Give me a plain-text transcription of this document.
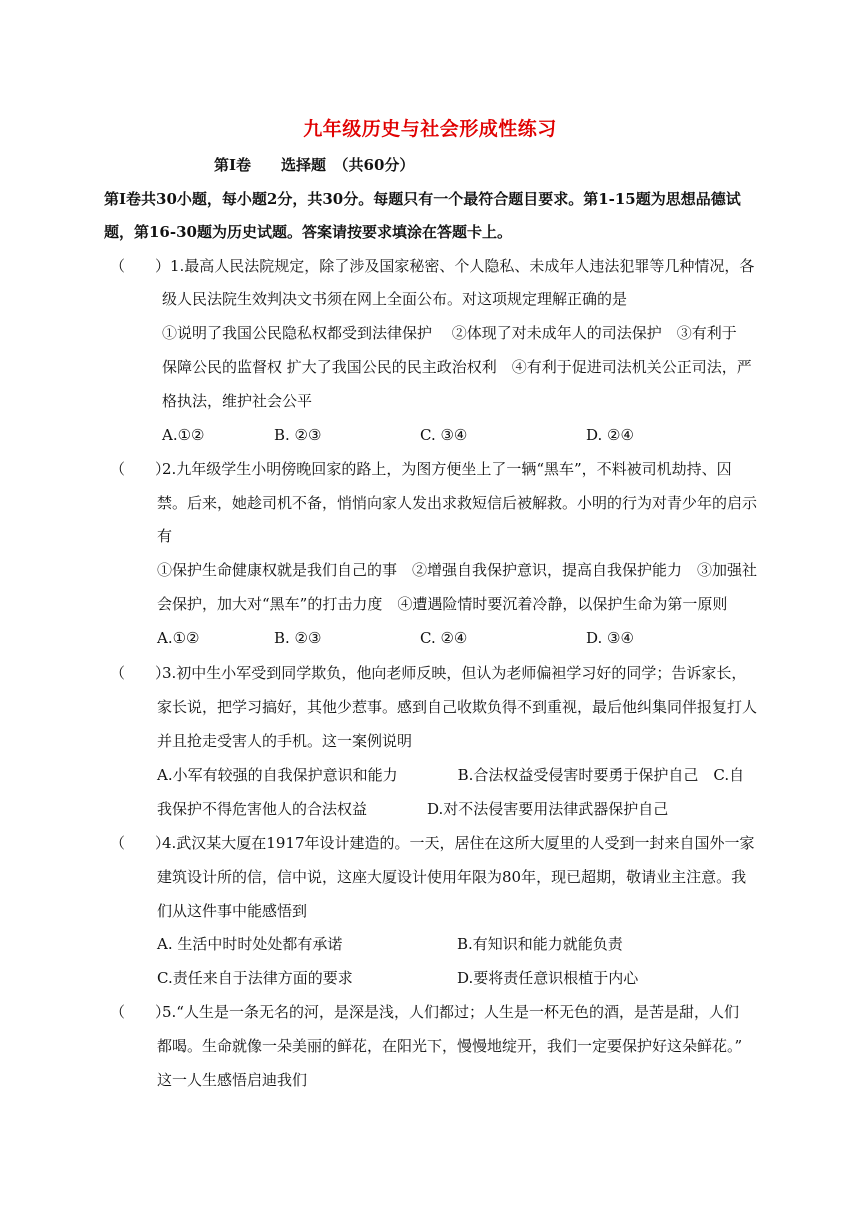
九年级历史与社会形成性练习
第Ⅰ卷　　选择题　（共60分）
第Ⅰ卷共30小题，每小题2分，共30分。每题只有一个最符合题目要求。第1-15题为思想品德试
题，第16-30题为历史试题。答案请按要求填涂在答题卡上。
（　　） 1.最高人民法院规定，除了涉及国家秘密、个人隐私、未成年人违法犯罪等几种情况，各
级人民法院生效判决文书须在网上全面公布。对这项规定理解正确的是
①说明了我国公民隐私权都受到法律保护　 ②体现了对未成年人的司法保护　③有利于
保障公民的监督权 扩大了我国公民的民主政治权利　④有利于促进司法机关公正司法，严
格执法，维护社会公平
A.①②	B. ②③	C. ③④	D. ②④
（　　）
2.九年级学生小明傍晚回家的路上，为图方便坐上了一辆“黑车”，不料被司机劫持、囚
禁。后来，她趁司机不备，悄悄向家人发出求救短信后被解救。小明的行为对青少年的启示
有
①保护生命健康权就是我们自己的事　②增强自我保护意识，提高自我保护能力　③加强社
会保护，加大对“黑车”的打击力度　④遭遇险情时要沉着冷静，以保护生命为第一原则
A.①②	B. ②③	C. ②④	D. ③④
（　　）
3.初中生小军受到同学欺负，他向老师反映，但认为老师偏袒学习好的同学；告诉家长，
家长说，把学习搞好，其他少惹事。感到自己收欺负得不到重视，最后他纠集同伴报复打人
并且抢走受害人的手机。这一案例说明
A.小军有较强的自我保护意识和能力　　　　B.合法权益受侵害时要勇于保护自己　C.自
我保护不得危害他人的合法权益　　　　D.对不法侵害要用法律武器保护自己
（　　）
4.武汉某大厦在1917年设计建造的。一天，居住在这所大厦里的人受到一封来自国外一家
建筑设计所的信，信中说，这座大厦设计使用年限为80年，现已超期，敬请业主注意。我
们从这件事中能感悟到
A. 生活中时时处处都有承诺	B.有知识和能力就能负责
C.责任来自于法律方面的要求	D.要将责任意识根植于内心
（　　）
5.“人生是一条无名的河，是深是浅，人们都过；人生是一杯无色的酒，是苦是甜，人们
都喝。生命就像一朵美丽的鲜花，在阳光下，慢慢地绽开，我们一定要保护好这朵鲜花。”
这一人生感悟启迪我们
